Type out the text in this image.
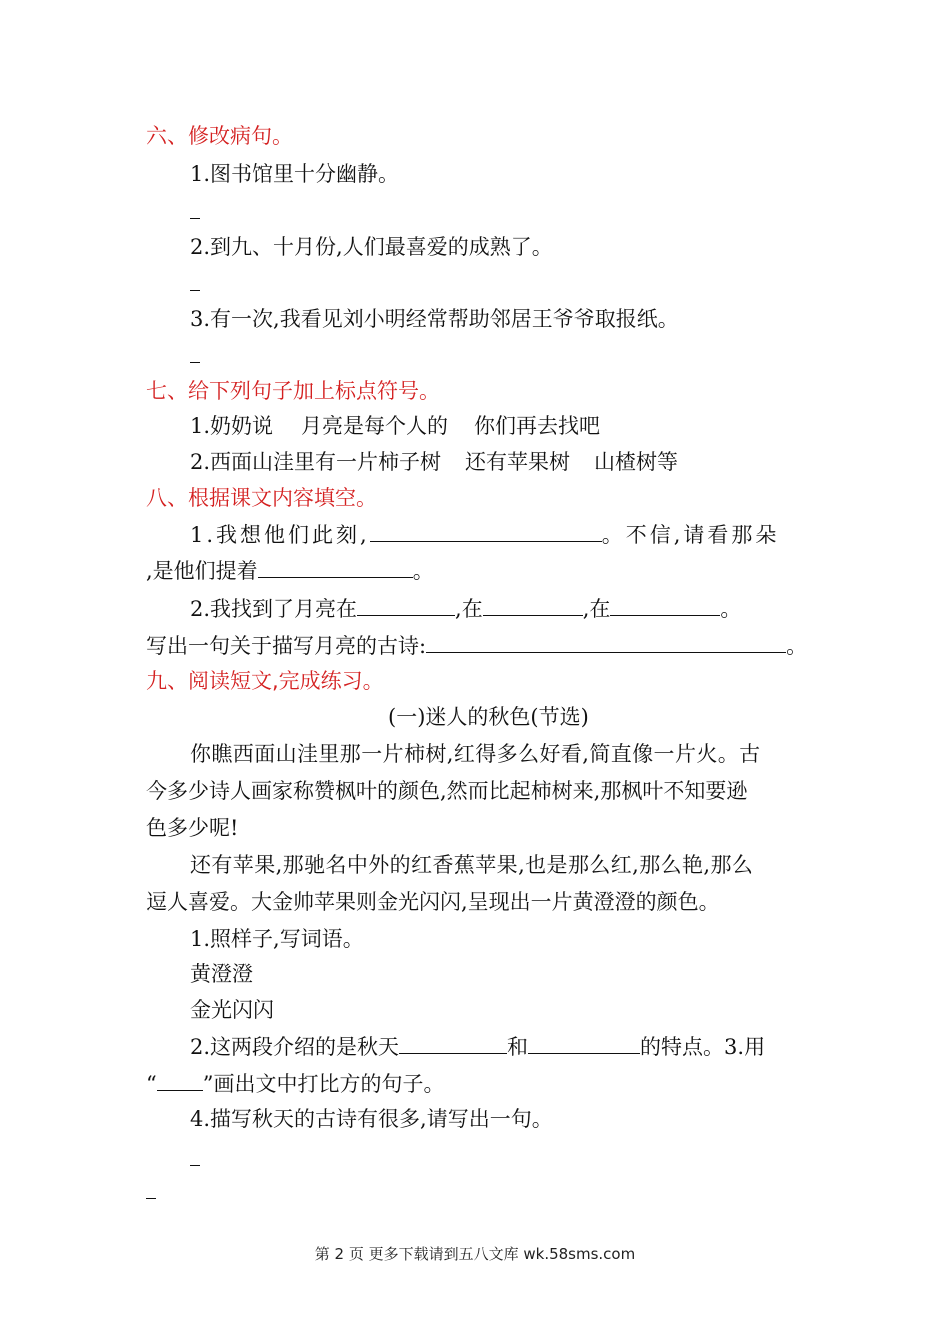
六、修改病句。
1.图书馆里十分幽静。
2.到九、十月份,人们最喜爱的成熟了。
3.有一次,我看见刘小明经常帮助邻居王爷爷取报纸。
七、给下列句子加上标点符号。
1.奶奶说 月亮是每个人的 你们再去找吧
2.西面山洼里有一片柿子树 还有苹果树 山楂树等
八、根据课文内容填空。
1.我想他们此刻,	。不信,请看那朵
,是他们提着	。
2.我找到了月亮在	,在	,在	。
写出一句关于描写月亮的古诗:	。
九、阅读短文,完成练习。
(一)迷人的秋色(节选)
你瞧西面山洼里那一片柿树,红得多么好看,简直像一片火。古
今多少诗人画家称赞枫叶的颜色,然而比起柿树来,那枫叶不知要逊
色多少呢!
还有苹果,那驰名中外的红香蕉苹果,也是那么红,那么艳,那么
逗人喜爱。大金帅苹果则金光闪闪,呈现出一片黄澄澄的颜色。
1.照样子,写词语。
黄澄澄
金光闪闪
2.这两段介绍的是秋天	和	的特点。3.用
“ ”画出文中打比方的句子。
4.描写秋天的古诗有很多,请写出一句。
第 2 页 更多下载请到五八文库 wk.58sms.com
